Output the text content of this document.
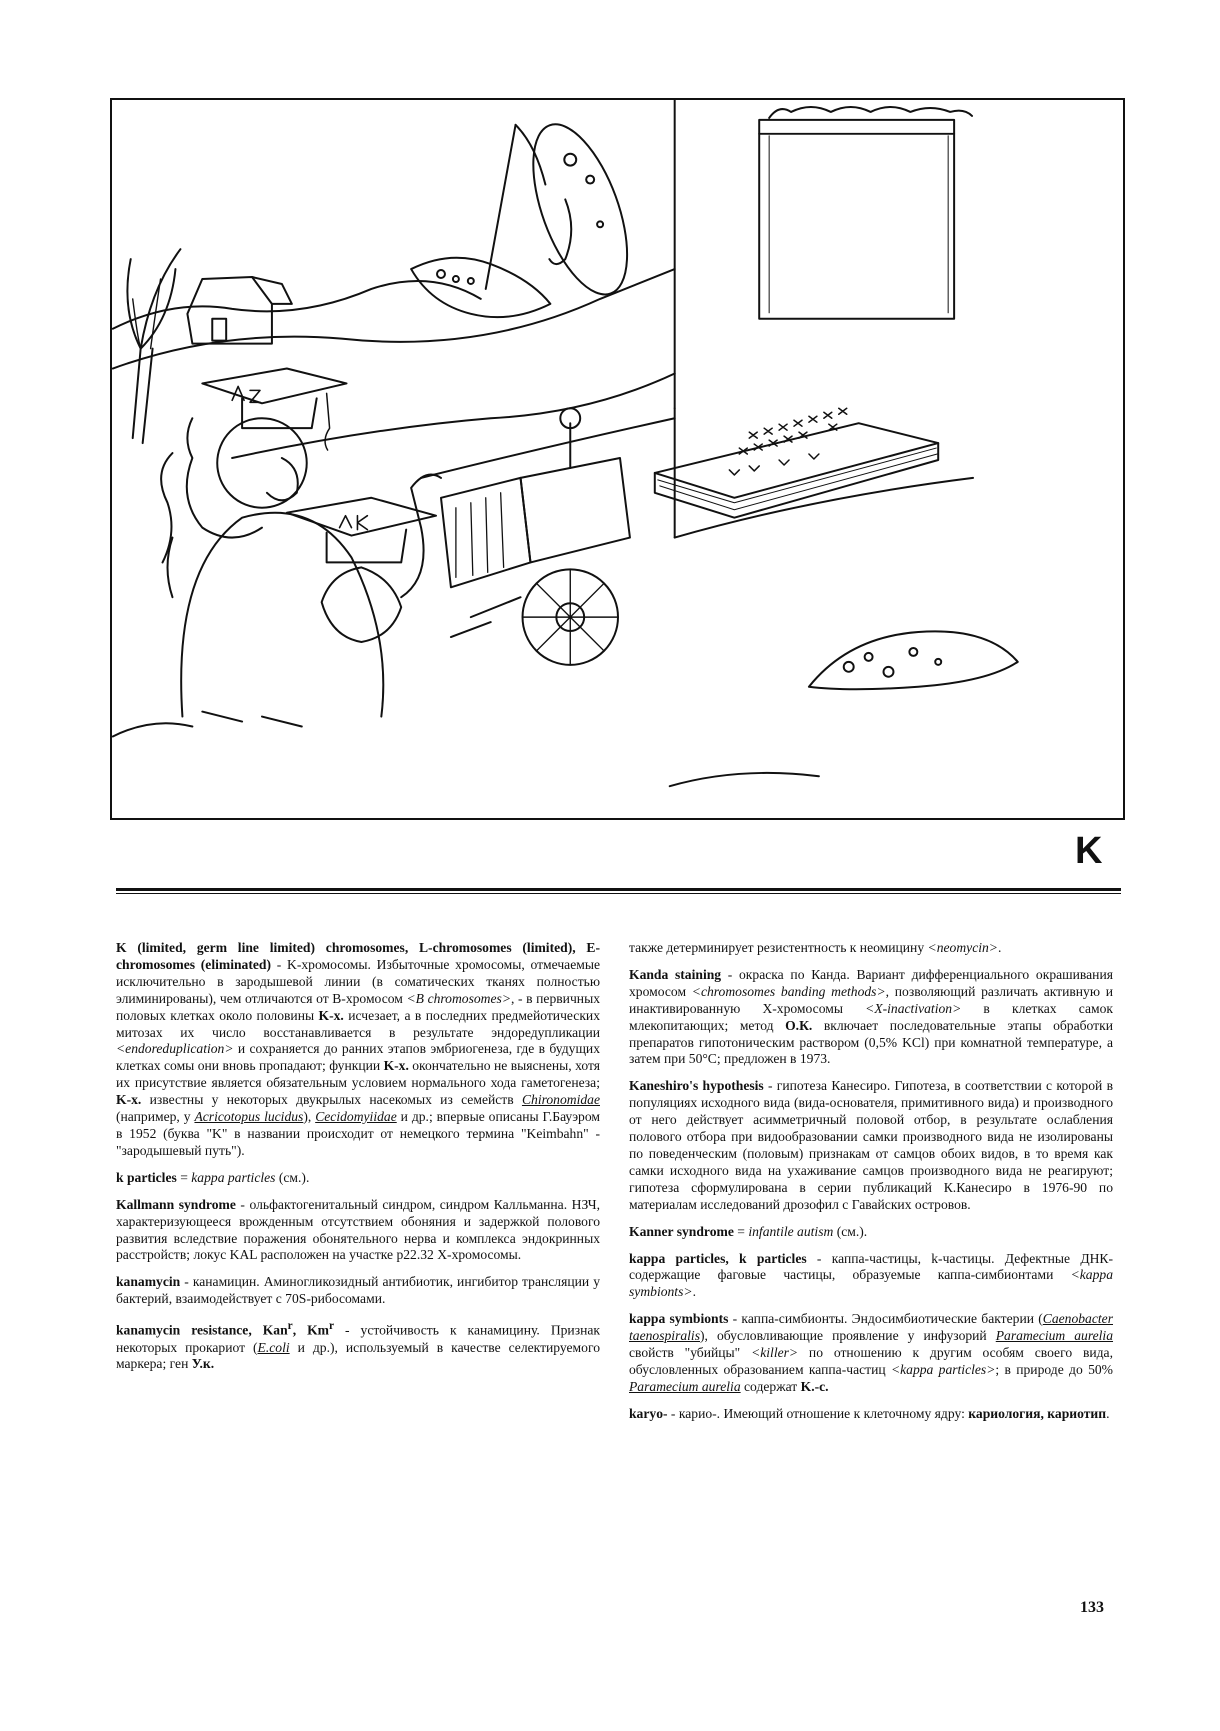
K

K (limited, germ line limited) chromosomes, L-chromosomes (limited), E-chromosomes (eliminated) - K-хромосомы. Избыточные хромосомы, отмечаемые исключительно в зародышевой линии (в соматических тканях полностью элиминированы), чем отличаются от B-хромосом <B chromosomes>, - в первичных половых клетках около половины K-х. исчезает, а в последних предмейотических митозах их число восстанавливается в результате эндоредупликации <endoreduplication> и сохраняется до ранних этапов эмбриогенеза, где в будущих клетках сомы они вновь пропадают; функции K-х. окончательно не выяснены, хотя их присутствие является обязательным условием нормального хода гаметогенеза; K-х. известны у некоторых двукрылых насекомых из семейств Chironomidae (например, у Acricotopus lucidus), Cecidomyiidae и др.; впервые описаны Г.Бауэром в 1952 (буква "K" в названии происходит от немецкого термина "Keimbahn" - "зародышевый путь").

k particles = kappa particles (см.).

Kallmann syndrome - ольфактогенитальный синдром, синдром Калльманна. НЗЧ, характеризующееся врожденным отсутствием обоняния и задержкой полового развития вследствие поражения обонятельного нерва и комплекса эндокринных расстройств; локус KAL расположен на участке p22.32 X-хромосомы.

kanamycin - канамицин. Аминогликозидный антибиотик, ингибитор трансляции у бактерий, взаимодействует с 70S-рибосомами.

kanamycin resistance, Kan$^r$, Km$^r$ - устойчивость к канамицину. Признак некоторых прокариот (E.coli и др.), используемый в качестве селектируемого маркера; ген У.к.

также детерминирует резистентность к неомицину <neomycin>.

Kanda staining - окраска по Канда. Вариант дифференциального окрашивания хромосом <chromosomes banding methods>, позволяющий различать активную и инактивированную X-хромосомы <X-inactivation> в клетках самок млекопитающих; метод О.К. включает последовательные этапы обработки препаратов гипотоническим раствором (0,5% KCl) при комнатной температуре, а затем при 50°C; предложен в 1973.

Kaneshiro's hypothesis - гипотеза Канесиро. Гипотеза, в соответствии с которой в популяциях исходного вида (вида-основателя, примитивного вида) и производного от него действует асимметричный половой отбор, в результате ослабления полового отбора при видообразовании самки производного вида не изолированы по поведенческим (половым) признакам от самцов обоих видов, в то время как самки исходного вида на ухаживание самцов производного вида не реагируют; гипотеза сформулирована в серии публикаций К.Канесиро в 1976-90 по материалам исследований дрозофил с Гавайских островов.

Kanner syndrome = infantile autism (см.).

kappa particles, k particles - каппа-частицы, k-частицы. Дефектные ДНК-содержащие фаговые частицы, образуемые каппа-симбионтами <kappa symbionts>.

kappa symbionts - каппа-симбионты. Эндосимбиотические бактерии (Caenobacter taenospiralis), обусловливающие проявление у инфузорий Paramecium aurelia свойств "убийцы" <killer> по отношению к другим особям своего вида, обусловленных образованием каппа-частиц <kappa particles>; в природе до 50% Paramecium aurelia содержат K.-с.

karyo- - карио-. Имеющий отношение к клеточному ядру: кариология, кариотип.

133
